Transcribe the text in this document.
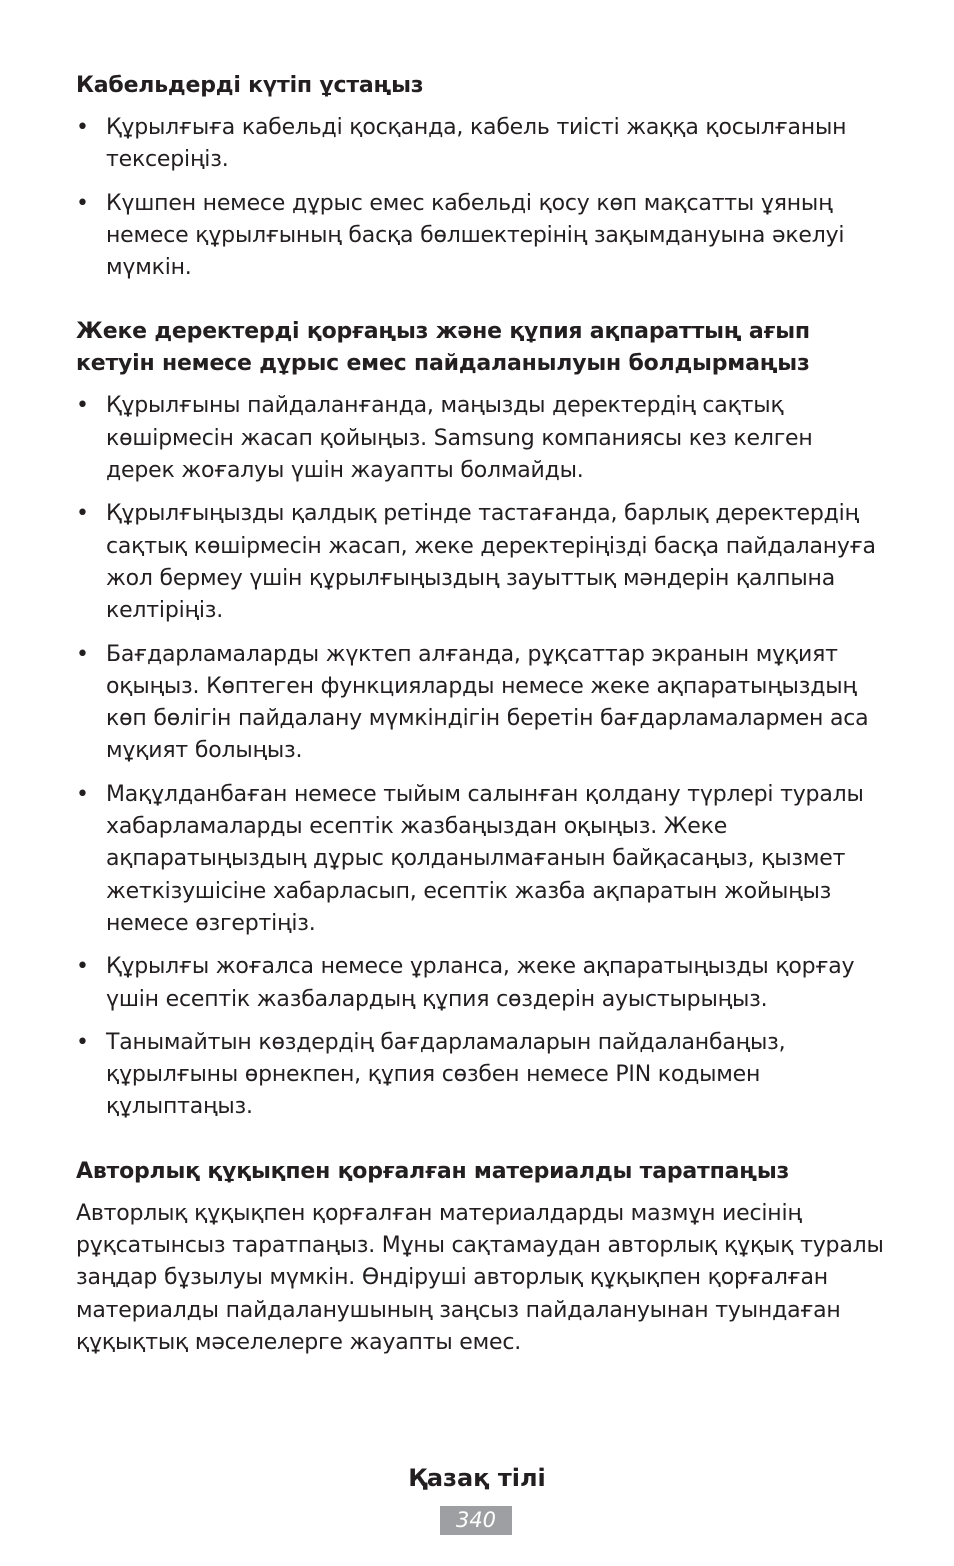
Кабельдерді күтіп ұстаңыз
• Құрылғыға кабельді қосқанда, кабель тиісті жаққа қосылғанын тексеріңіз.
• Күшпен немесе дұрыс емес кабельді қосу көп мақсатты ұяның немесе құрылғының басқа бөлшектерінің зақымдануына әкелуі мүмкін.
Жеке деректерді қорғаңыз және құпия ақпараттың ағып кетуін немесе дұрыс емес пайдаланылуын болдырмаңыз
• Құрылғыны пайдаланғанда, маңызды деректердің сақтық көшірмесін жасап қойыңыз. Samsung компаниясы кез келген дерек жоғалуы үшін жауапты болмайды.
• Құрылғыңызды қалдық ретінде тастағанда, барлық деректердің сақтық көшірмесін жасап, жеке деректеріңізді басқа пайдалануға жол бермеу үшін құрылғыңыздың зауыттық мәндерін қалпына келтіріңіз.
• Бағдарламаларды жүктеп алғанда, рұқсаттар экранын мұқият оқыңыз. Көптеген функцияларды немесе жеке ақпаратыңыздың көп бөлігін пайдалану мүмкіндігін беретін бағдарламалармен аса мұқият болыңыз.
• Мақұлданбаған немесе тыйым салынған қолдану түрлері туралы хабарламаларды есептік жазбаңыздан оқыңыз. Жеке ақпаратыңыздың дұрыс қолданылмағанын байқасаңыз, қызмет жеткізушісіне хабарласып, есептік жазба ақпаратын жойыңыз немесе өзгертіңіз.
• Құрылғы жоғалса немесе ұрланса, жеке ақпаратыңызды қорғау үшін есептік жазбалардың құпия сөздерін ауыстырыңыз.
• Танымайтын көздердің бағдарламаларын пайдаланбаңыз, құрылғыны өрнекпен, құпия сөзбен немесе PIN кодымен құлыптаңыз.
Авторлық құқықпен қорғалған материалды таратпаңыз

Авторлық құқықпен қорғалған материалдарды мазмұн иесінің рұқсатынсыз таратпаңыз. Мұны сақтамаудан авторлық құқық туралы заңдар бұзылуы мүмкін. Өндіруші авторлық құқықпен қорғалған материалды пайдаланушының заңсыз пайдалануынан туындаған құқықтық мәселелерге жауапты емес.

Қазақ тілі
340
